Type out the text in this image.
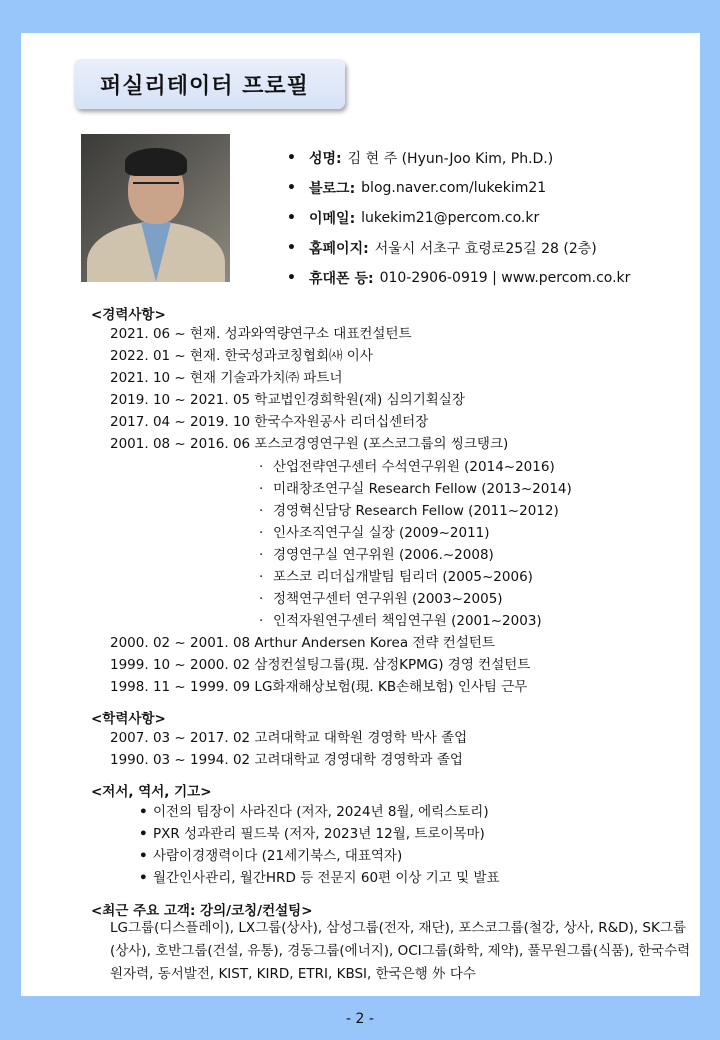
퍼실리테이터 프로필
• 성명: 김 현 주 (Hyun-Joo Kim, Ph.D.)
• 블로그: blog.naver.com/lukekim21
• 이메일: lukekim21@percom.co.kr
• 홈페이지: 서울시 서초구 효령로25길 28 (2층)
• 휴대폰 등: 010-2906-0919 | www.percom.co.kr
<경력사항>
2021. 06 ~ 현재. 성과와역량연구소 대표컨설턴트
2022. 01 ~ 현재. 한국성과코칭협회㈔ 이사
2021. 10 ~ 현재 기술과가치㈜ 파트너
2019. 10 ~ 2021. 05 학교법인경희학원(재) 심의기획실장
2017. 04 ~ 2019. 10 한국수자원공사 리더십센터장
2001. 08 ~ 2016. 06 포스코경영연구원 (포스코그룹의 씽크탱크)
· 산업전략연구센터 수석연구위원 (2014~2016)
· 미래창조연구실 Research Fellow (2013~2014)
· 경영혁신담당 Research Fellow (2011~2012)
· 인사조직연구실 실장 (2009~2011)
· 경영연구실 연구위원 (2006.~2008)
· 포스코 리더십개발팀 팀리더 (2005~2006)
· 정책연구센터 연구위원 (2003~2005)
· 인적자원연구센터 책임연구원 (2001~2003)
2000. 02 ~ 2001. 08 Arthur Andersen Korea 전략 컨설턴트
1999. 10 ~ 2000. 02 삼정컨설팅그룹(現. 삼정KPMG) 경영 컨설턴트
1998. 11 ~ 1999. 09 LG화재해상보험(現. KB손해보험) 인사팀 근무
<학력사항>
2007. 03 ~ 2017. 02 고려대학교 대학원 경영학 박사 졸업
1990. 03 ~ 1994. 02 고려대학교 경영대학 경영학과 졸업
<저서, 역서, 기고>
• 이전의 팀장이 사라진다 (저자, 2024년 8월, 에릭스토리)
• PXR 성과관리 필드북 (저자, 2023년 12월, 트로이목마)
• 사람이경쟁력이다 (21세기북스, 대표역자)
• 월간인사관리, 월간HRD 등 전문지 60편 이상 기고 및 발표
<최근 주요 고객: 강의/코칭/컨설팅>
LG그룹(디스플레이), LX그룹(상사), 삼성그룹(전자, 재단), 포스코그룹(철강, 상사, R&D), SK그룹(상사), 호반그룹(건설, 유통), 경동그룹(에너지), OCI그룹(화학, 제약), 풀무원그룹(식품), 한국수력원자력, 동서발전, KIST, KIRD, ETRI, KBSI, 한국은행 外 다수
- 2 -
